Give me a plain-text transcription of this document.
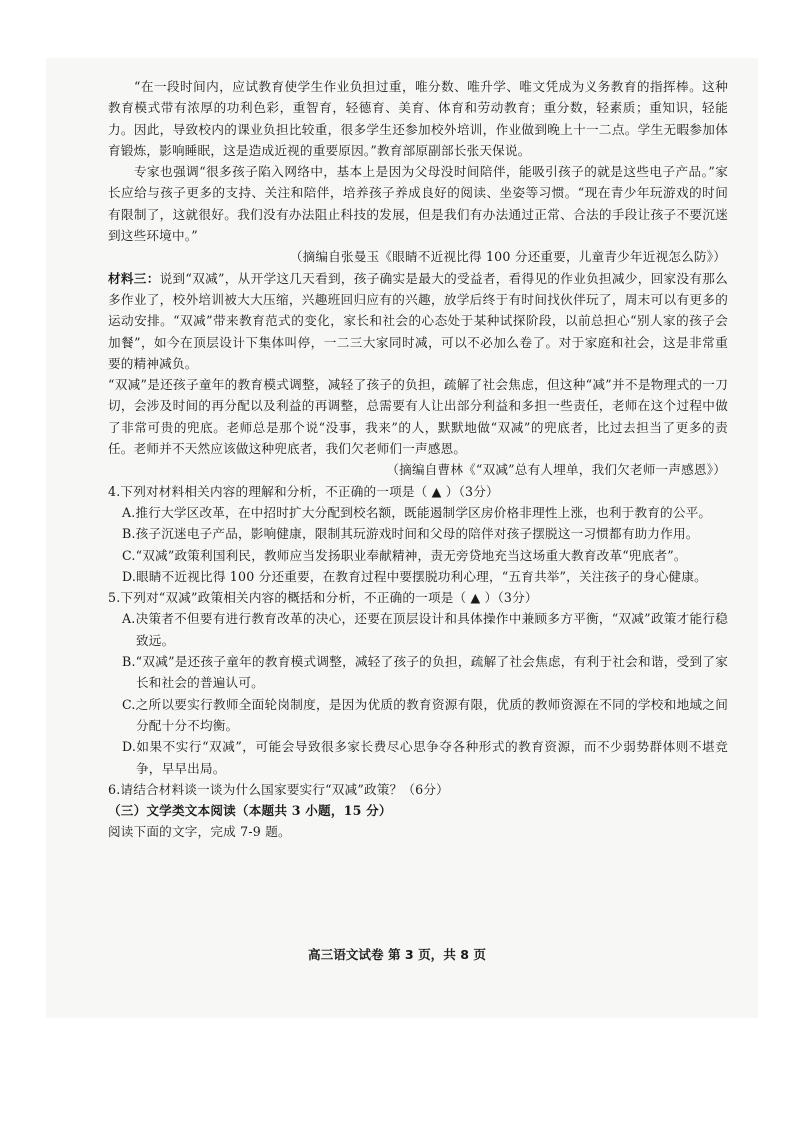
“在一段时间内，应试教育使学生作业负担过重，唯分数、唯升学、唯文凭成为义务教育的指挥棒。这种教育模式带有浓厚的功利色彩，重智育，轻德育、美育、体育和劳动教育；重分数，轻素质；重知识，轻能力。因此，导致校内的课业负担比较重，很多学生还参加校外培训，作业做到晚上十一二点。学生无暇参加体育锻炼，影响睡眠，这是造成近视的重要原因。”教育部原副部长张天保说。

专家也强调“很多孩子陷入网络中，基本上是因为父母没时间陪伴，能吸引孩子的就是这些电子产品。”家长应给与孩子更多的支持、关注和陪伴，培养孩子养成良好的阅读、坐姿等习惯。“现在青少年玩游戏的时间有限制了，这就很好。我们没有办法阻止科技的发展，但是我们有办法通过正常、合法的手段让孩子不要沉迷到这些环境中。”

（摘编自张曼玉《眼睛不近视比得 100 分还重要，儿童青少年近视怎么防》）

材料三：说到“双减”，从开学这几天看到，孩子确实是最大的受益者，看得见的作业负担减少，回家没有那么多作业了，校外培训被大大压缩，兴趣班回归应有的兴趣，放学后终于有时间找伙伴玩了，周末可以有更多的运动安排。“双减”带来教育范式的变化，家长和社会的心态处于某种试探阶段，以前总担心“别人家的孩子会加餐”，如今在顶层设计下集体叫停，一二三大家同时减，可以不必加么卷了。对于家庭和社会，这是非常重要的精神减负。

“双减”是还孩子童年的教育模式调整，减轻了孩子的负担，疏解了社会焦虑，但这种“减”并不是物理式的一刀切，会涉及时间的再分配以及利益的再调整，总需要有人让出部分利益和多担一些责任，老师在这个过程中做了非常可贵的兜底。老师总是那个说“没事，我来”的人，默默地做“双减”的兜底者，比过去担当了更多的责任。老师并不天然应该做这种兜底者，我们欠老师们一声感恩。

（摘编自曹林《“双减”总有人埋单，我们欠老师一声感恩》）

4.下列对材料相关内容的理解和分析，不正确的一项是（ ▲ ）（3分）

A.推行大学区改革，在中招时扩大分配到校名额，既能遏制学区房价格非理性上涨，也利于教育的公平。

B.孩子沉迷电子产品，影响健康，限制其玩游戏时间和父母的陪伴对孩子摆脱这一习惯都有助力作用。

C.“双减”政策利国利民，教师应当发扬职业奉献精神，责无旁贷地充当这场重大教育改革“兜底者”。

D.眼睛不近视比得 100 分还重要，在教育过程中要摆脱功利心理，“五育共举”，关注孩子的身心健康。

5.下列对“双减”政策相关内容的概括和分析，不正确的一项是（ ▲ ）（3分）

A.决策者不但要有进行教育改革的决心，还要在顶层设计和具体操作中兼顾多方平衡，“双减”政策才能行稳致远。

B.“双减”是还孩子童年的教育模式调整，减轻了孩子的负担，疏解了社会焦虑，有利于社会和谐，受到了家长和社会的普遍认可。

C.之所以要实行教师全面轮岗制度，是因为优质的教育资源有限，优质的教师资源在不同的学校和地域之间分配十分不均衡。

D.如果不实行“双减”，可能会导致很多家长费尽心思争夺各种形式的教育资源，而不少弱势群体则不堪竞争，早早出局。

6.请结合材料谈一谈为什么国家要实行“双减”政策？（6分）

（三）文学类文本阅读（本题共 3 小题，15 分）

阅读下面的文字，完成 7-9 题。

高三语文试卷 第 3 页，共 8 页
